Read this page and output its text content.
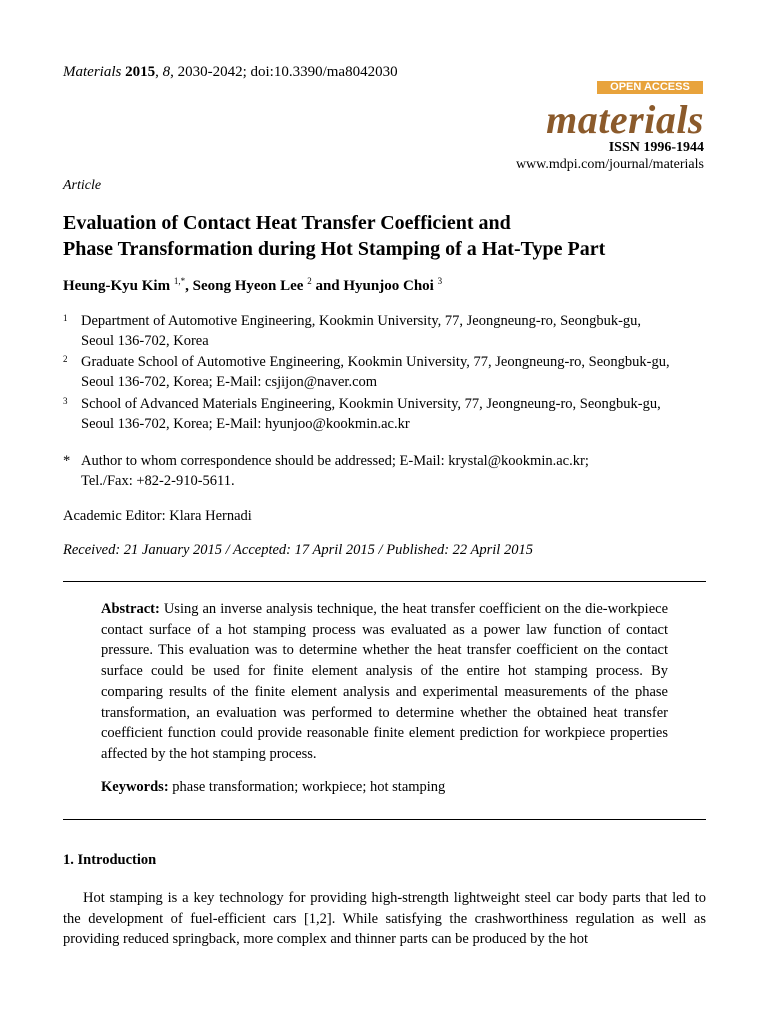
Materials 2015, 8, 2030-2042; doi:10.3390/ma8042030
OPEN ACCESS
materials
ISSN 1996-1944
www.mdpi.com/journal/materials
Article
Evaluation of Contact Heat Transfer Coefficient and
Phase Transformation during Hot Stamping of a Hat-Type Part
Heung-Kyu Kim $^{1,*}$, Seong Hyeon Lee $^2$ and Hyunjoo Choi $^3$
1 Department of Automotive Engineering, Kookmin University, 77, Jeongneung-ro, Seongbuk-gu,
Seoul 136-702, Korea
2 Graduate School of Automotive Engineering, Kookmin University, 77, Jeongneung-ro, Seongbuk-gu,
Seoul 136-702, Korea; E-Mail: csjijon@naver.com
3 School of Advanced Materials Engineering, Kookmin University, 77, Jeongneung-ro, Seongbuk-gu,
Seoul 136-702, Korea; E-Mail: hyunjoo@kookmin.ac.kr
* Author to whom correspondence should be addressed; E-Mail: krystal@kookmin.ac.kr;
Tel./Fax: +82-2-910-5611.
Academic Editor: Klara Hernadi
Received: 21 January 2015 / Accepted: 17 April 2015 / Published: 22 April 2015
Abstract: Using an inverse analysis technique, the heat transfer coefficient on the die-workpiece contact surface of a hot stamping process was evaluated as a power law function of contact pressure. This evaluation was to determine whether the heat transfer coefficient on the contact surface could be used for finite element analysis of the entire hot stamping process. By comparing results of the finite element analysis and experimental measurements of the phase transformation, an evaluation was performed to determine whether the obtained heat transfer coefficient function could provide reasonable finite element prediction for workpiece properties affected by the hot stamping process.
Keywords: phase transformation; workpiece; hot stamping
1. Introduction
Hot stamping is a key technology for providing high-strength lightweight steel car body parts that led to the development of fuel-efficient cars [1,2]. While satisfying the crashworthiness regulation as well as providing reduced springback, more complex and thinner parts can be produced by the hot
